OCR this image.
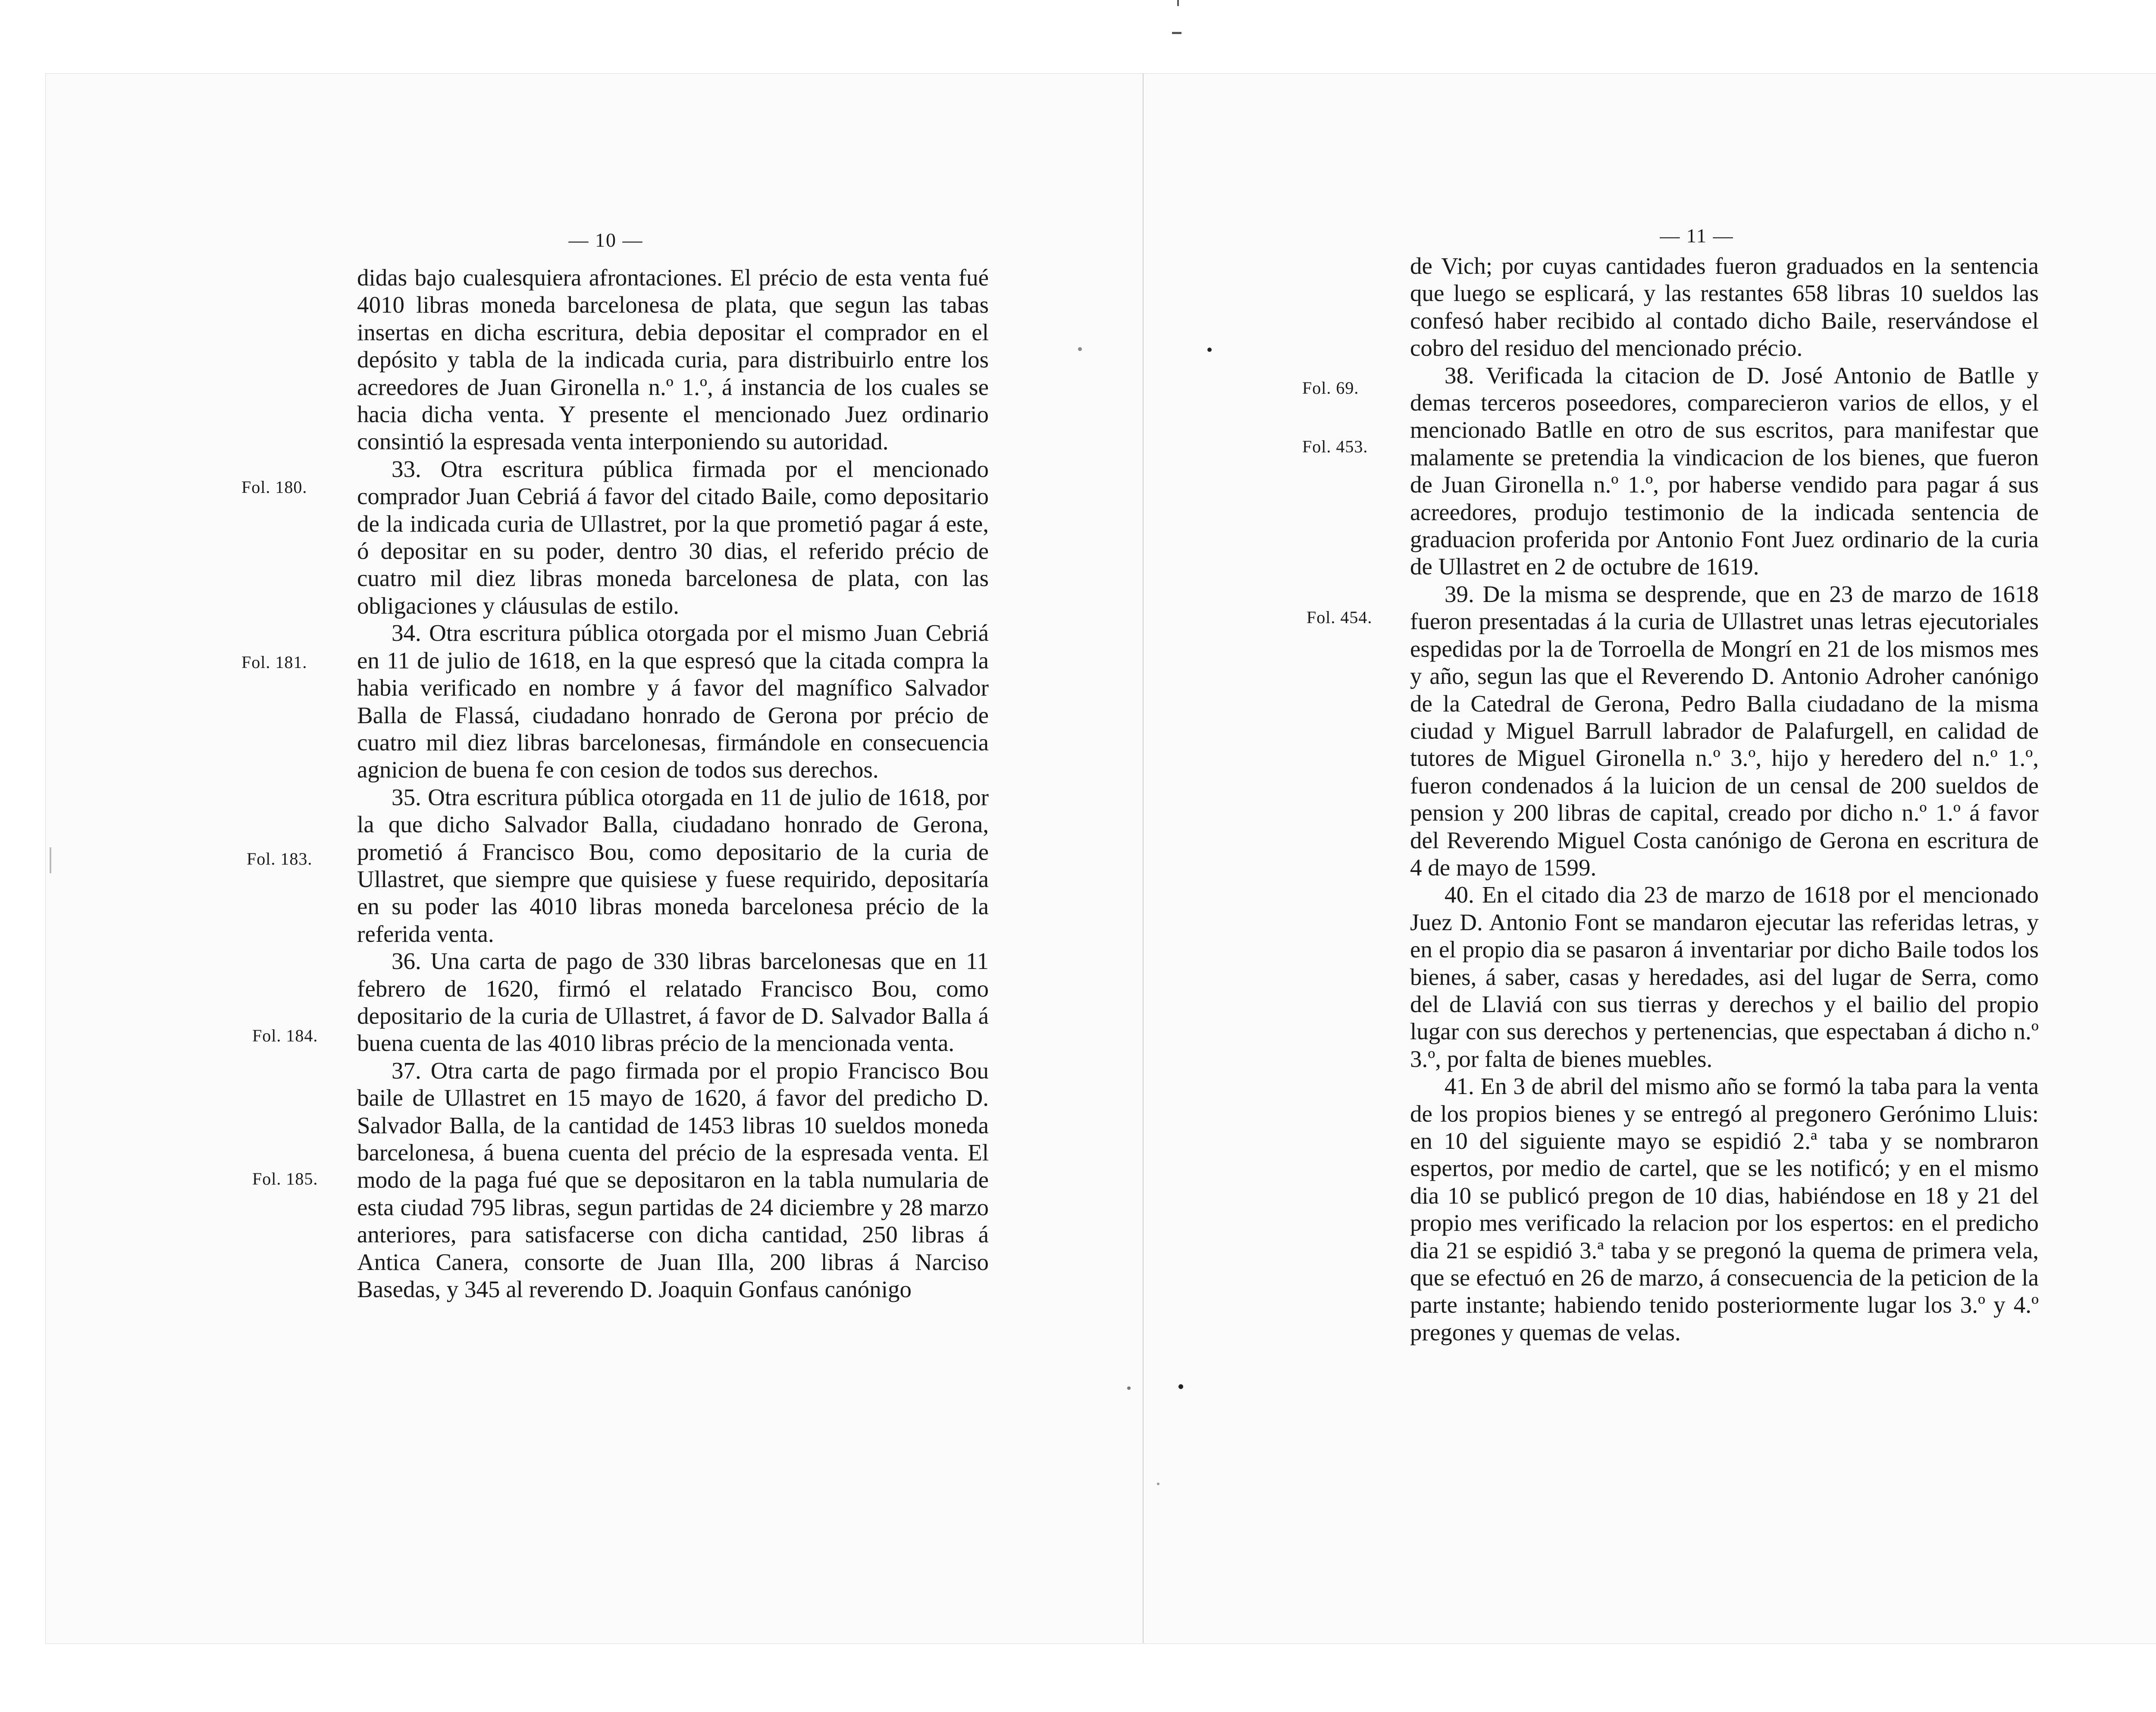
— 10 —
Fol. 180.
Fol. 181.
Fol. 183.
Fol. 184.
Fol. 185.

didas bajo cualesquiera afrontaciones. El précio de esta venta fué 4010 libras moneda barcelonesa de plata, que segun las tabas insertas en dicha escritura, debia depositar el comprador en el depósito y tabla de la indicada curia, para distribuirlo entre los acreedores de Juan Gironella n.º 1.º, á instancia de los cuales se hacia dicha venta. Y presente el mencionado Juez ordinario consintió la espresada venta interponiendo su autoridad.

33. Otra escritura pública firmada por el mencionado comprador Juan Cebriá á favor del citado Baile, como depositario de la indicada curia de Ullastret, por la que prometió pagar á este, ó depositar en su poder, dentro 30 dias, el referido précio de cuatro mil diez libras moneda barcelonesa de plata, con las obligaciones y cláusulas de estilo.

34. Otra escritura pública otorgada por el mismo Juan Cebriá en 11 de julio de 1618, en la que espresó que la citada compra la habia verificado en nombre y á favor del magnífico Salvador Balla de Flassá, ciudadano honrado de Gerona por précio de cuatro mil diez libras barcelonesas, firmándole en consecuencia agnicion de buena fe con cesion de todos sus derechos.

35. Otra escritura pública otorgada en 11 de julio de 1618, por la que dicho Salvador Balla, ciudadano honrado de Gerona, prometió á Francisco Bou, como depositario de la curia de Ullastret, que siempre que quisiese y fuese requirido, depositaría en su poder las 4010 libras moneda barcelonesa précio de la referida venta.

36. Una carta de pago de 330 libras barcelonesas que en 11 febrero de 1620, firmó el relatado Francisco Bou, como depositario de la curia de Ullastret, á favor de D. Salvador Balla á buena cuenta de las 4010 libras précio de la mencionada venta.

37. Otra carta de pago firmada por el propio Francisco Bou baile de Ullastret en 15 mayo de 1620, á favor del predicho D. Salvador Balla, de la cantidad de 1453 libras 10 sueldos moneda barcelonesa, á buena cuenta del précio de la espresada venta. El modo de la paga fué que se depositaron en la tabla numularia de esta ciudad 795 libras, segun partidas de 24 diciembre y 28 marzo anteriores, para satisfacerse con dicha cantidad, 250 libras á Antica Canera, consorte de Juan Illa, 200 libras á Narciso Basedas, y 345 al reverendo D. Joaquin Gonfaus canónigo

— 11 —
Fol. 69.
Fol. 453.
Fol. 454.

de Vich; por cuyas cantidades fueron graduados en la sentencia que luego se esplicará, y las restantes 658 libras 10 sueldos las confesó haber recibido al contado dicho Baile, reservándose el cobro del residuo del mencionado précio.

38. Verificada la citacion de D. José Antonio de Batlle y demas terceros poseedores, comparecieron varios de ellos, y el mencionado Batlle en otro de sus escritos, para manifestar que malamente se pretendia la vindicacion de los bienes, que fueron de Juan Gironella n.º 1.º, por haberse vendido para pagar á sus acreedores, produjo testimonio de la indicada sentencia de graduacion proferida por Antonio Font Juez ordinario de la curia de Ullastret en 2 de octubre de 1619.

39. De la misma se desprende, que en 23 de marzo de 1618 fueron presentadas á la curia de Ullastret unas letras ejecutoriales espedidas por la de Torroella de Mongrí en 21 de los mismos mes y año, segun las que el Reverendo D. Antonio Adroher canónigo de la Catedral de Gerona, Pedro Balla ciudadano de la misma ciudad y Miguel Barrull labrador de Palafurgell, en calidad de tutores de Miguel Gironella n.º 3.º, hijo y heredero del n.º 1.º, fueron condenados á la luicion de un censal de 200 sueldos de pension y 200 libras de capital, creado por dicho n.º 1.º á favor del Reverendo Miguel Costa canónigo de Gerona en escritura de 4 de mayo de 1599.

40. En el citado dia 23 de marzo de 1618 por el mencionado Juez D. Antonio Font se mandaron ejecutar las referidas letras, y en el propio dia se pasaron á inventariar por dicho Baile todos los bienes, á saber, casas y heredades, asi del lugar de Serra, como del de Llaviá con sus tierras y derechos y el bailio del propio lugar con sus derechos y pertenencias, que espectaban á dicho n.º 3.º, por falta de bienes muebles.

41. En 3 de abril del mismo año se formó la taba para la venta de los propios bienes y se entregó al pregonero Gerónimo Lluis: en 10 del siguiente mayo se espidió 2.ª taba y se nombraron espertos, por medio de cartel, que se les notificó; y en el mismo dia 10 se publicó pregon de 10 dias, habiéndose en 18 y 21 del propio mes verificado la relacion por los espertos: en el predicho dia 21 se espidió 3.ª taba y se pregonó la quema de primera vela, que se efectuó en 26 de marzo, á consecuencia de la peticion de la parte instante; habiendo tenido posteriormente lugar los 3.º y 4.º pregones y quemas de velas.
